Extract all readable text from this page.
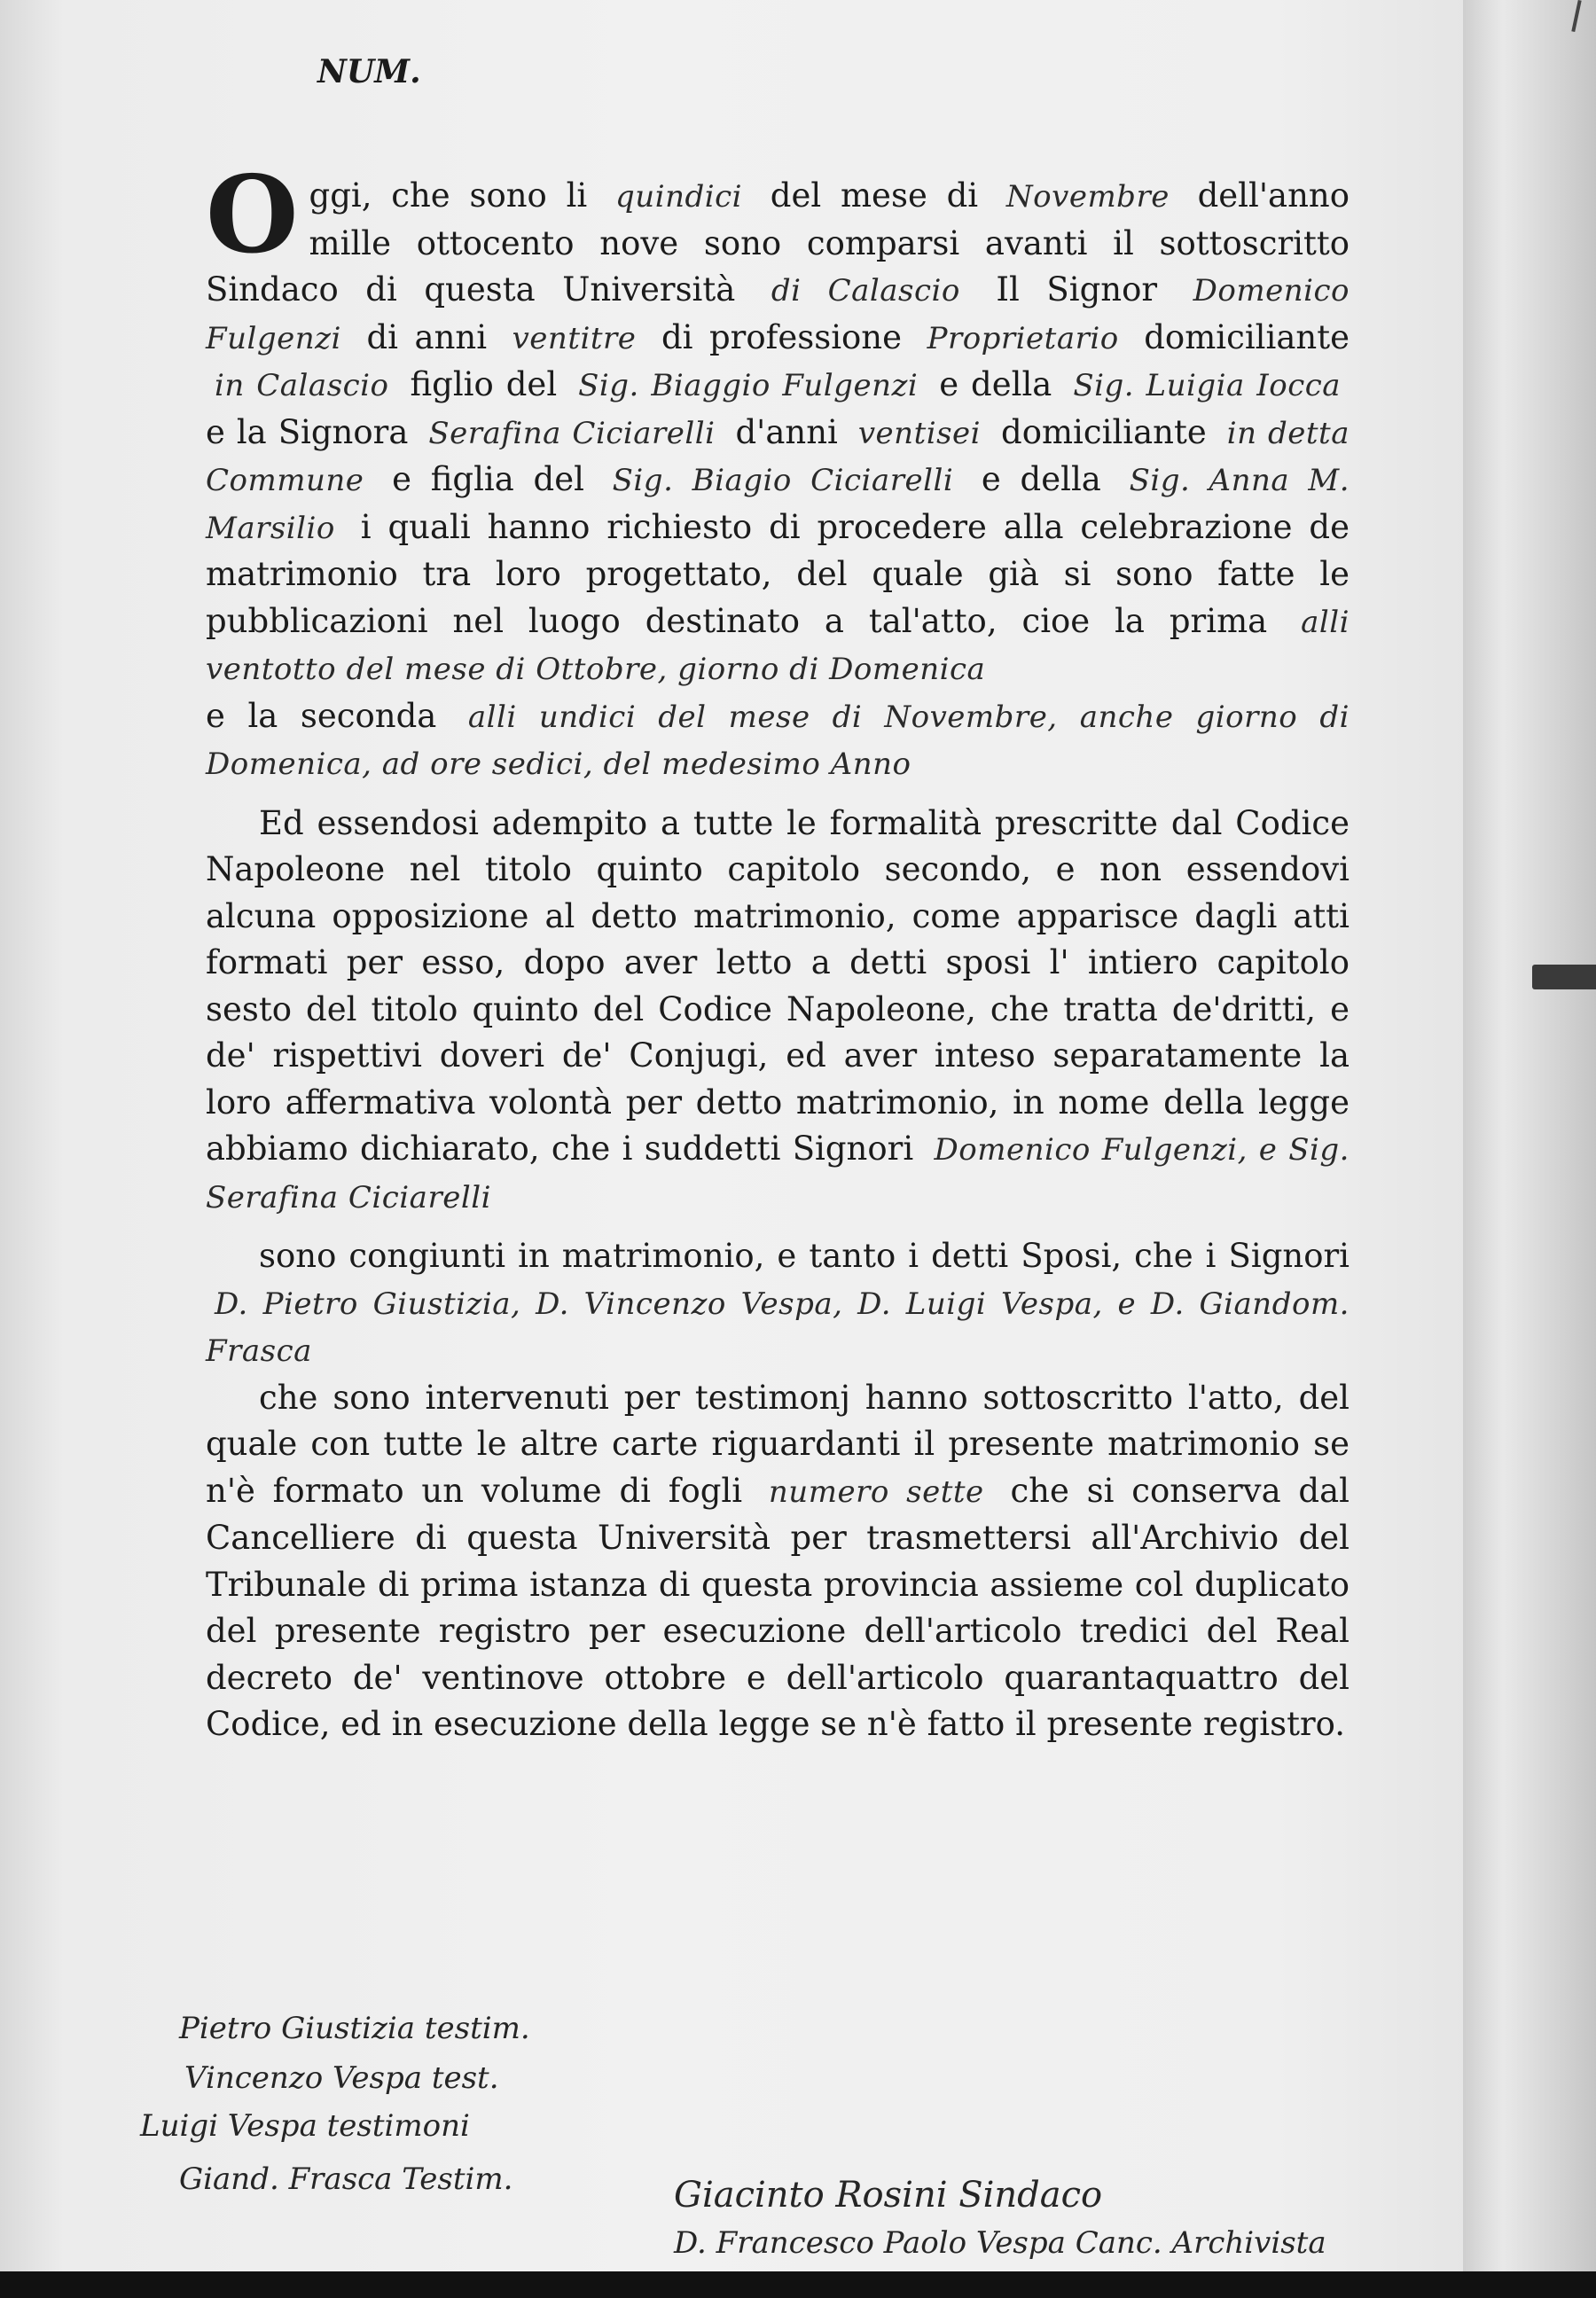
NUM.

O ggi, che sono li quindici del mese di Novembre dell'anno mille ottocento nove sono comparsi avanti il sottoscritto Sindaco di questa Università di Calascio Il Signor Domenico Fulgenzi di anni ventitre di professione Proprietario domiciliante in Calascio figlio del Sig. Biaggio Fulgenzi e della Sig. Luigia Iocca e la Signora Serafina Ciciarelli d'anni ventisei domiciliante in detta Commune e figlia del Sig. Biagio Ciciarelli e della Sig. Anna M. Marsilio i quali hanno richiesto di procedere alla celebrazione de matrimonio tra loro progettato, del quale già si sono fatte le pubblicazioni nel luogo destinato a tal'atto, cioe la prima alli ventotto del mese di Ottobre, giorno di Domenica
e la seconda alli undici del mese di Novembre, anche giorno di Domenica, ad ore sedici, del medesimo Anno

Ed essendosi adempito a tutte le formalità prescritte dal Codice Napoleone nel titolo quinto capitolo secondo, e non essendovi alcuna opposizione al detto matrimonio, come apparisce dagli atti formati per esso, dopo aver letto a detti sposi l' intiero capitolo sesto del titolo quinto del Codice Napoleone, che tratta de'dritti, e de' rispettivi doveri de' Conjugi, ed aver inteso separatamente la loro affermativa volontà per detto matrimonio, in nome della legge abbiamo dichiarato, che i suddetti Signori Domenico Fulgenzi, e Sig. Serafina Ciciarelli

sono congiunti in matrimonio, e tanto i detti Sposi, che i Signori D. Pietro Giustizia, D. Vincenzo Vespa, D. Luigi Vespa, e D. Giandom. Frasca

che sono intervenuti per testimonj hanno sottoscritto l'atto, del quale con tutte le altre carte riguardanti il presente matrimonio se n'è formato un volume di fogli numero sette che si conserva dal Cancelliere di questa Università per trasmettersi all'Archivio del Tribunale di prima istanza di questa provincia assieme col duplicato del presente registro per esecuzione dell'articolo tredici del Real decreto de' ventinove ottobre e dell'articolo quarantaquattro del Codice, ed in esecuzione della legge se n'è fatto il presente registro.

Pietro Giustizia testim.
Vincenzo Vespa test.
Luigi Vespa testimoni
Giand. Frasca Testim.	Giacinto Rosini Sindaco
D. Francesco Paolo Vespa Canc. Archivista
